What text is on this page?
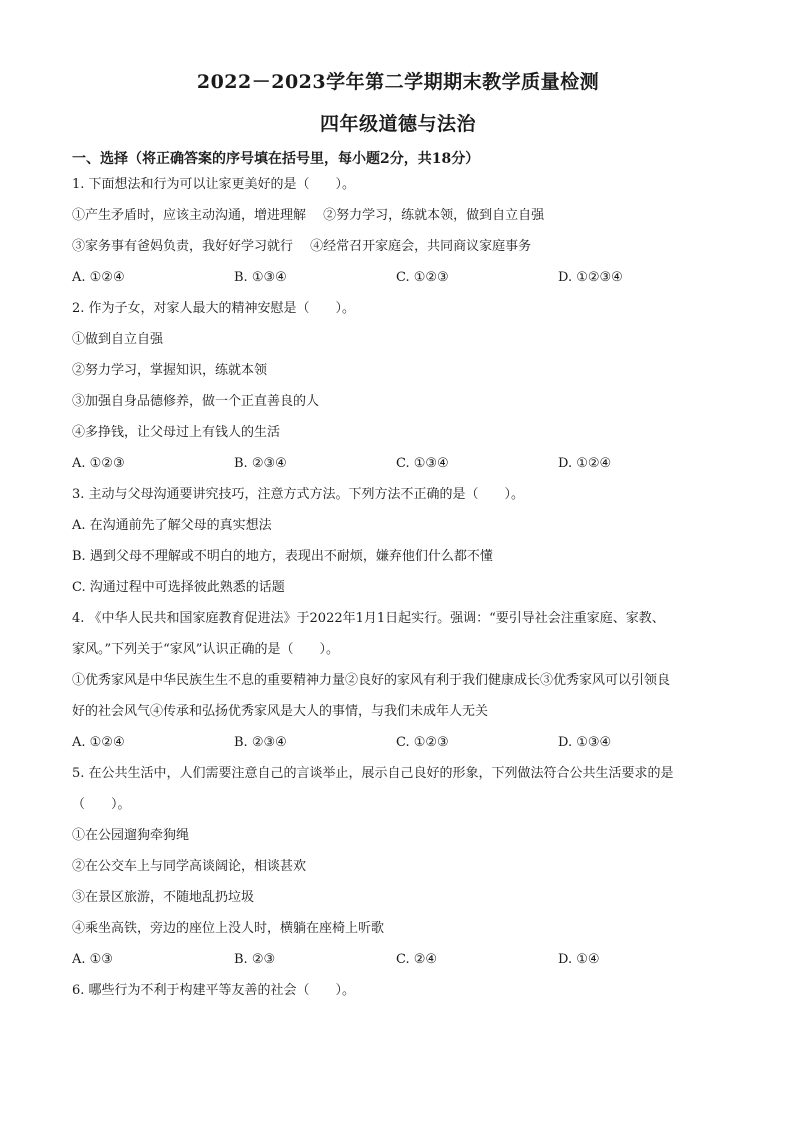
2022－2023学年第二学期期末教学质量检测
四年级道德与法治
一、选择（将正确答案的序号填在括号里，每小题2分，共18分）

1. 下面想法和行为可以让家更美好的是（　　）。

①产生矛盾时，应该主动沟通，增进理解　 ②努力学习，练就本领，做到自立自强

③家务事有爸妈负责，我好好学习就行　 ④经常召开家庭会，共同商议家庭事务

A. ①②④	B. ①③④	C. ①②③	D. ①②③④

2. 作为子女，对家人最大的精神安慰是（　　）。

①做到自立自强

②努力学习，掌握知识，练就本领

③加强自身品德修养，做一个正直善良的人

④多挣钱，让父母过上有钱人的生活

A. ①②③	B. ②③④	C. ①③④	D. ①②④

3. 主动与父母沟通要讲究技巧，注意方式方法。下列方法不正确的是（　　）。

A. 在沟通前先了解父母的真实想法

B. 遇到父母不理解或不明白的地方，表现出不耐烦，嫌弃他们什么都不懂

C. 沟通过程中可选择彼此熟悉的话题

4. 《中华人民共和国家庭教育促进法》于2022年1月1日起实行。强调：“要引导社会注重家庭、家教、

家风。”下列关于“家风”认识正确的是（　　）。

①优秀家风是中华民族生生不息的重要精神力量②良好的家风有利于我们健康成长③优秀家风可以引领良

好的社会风气④传承和弘扬优秀家风是大人的事情，与我们未成年人无关

A. ①②④	B. ②③④	C. ①②③	D. ①③④

5. 在公共生活中，人们需要注意自己的言谈举止，展示自己良好的形象，下列做法符合公共生活要求的是

（　　）。

①在公园遛狗牵狗绳

②在公交车上与同学高谈阔论，相谈甚欢

③在景区旅游，不随地乱扔垃圾

④乘坐高铁，旁边的座位上没人时，横躺在座椅上听歌

A. ①③	B. ②③	C. ②④	D. ①④

6. 哪些行为不利于构建平等友善的社会（　　）。
